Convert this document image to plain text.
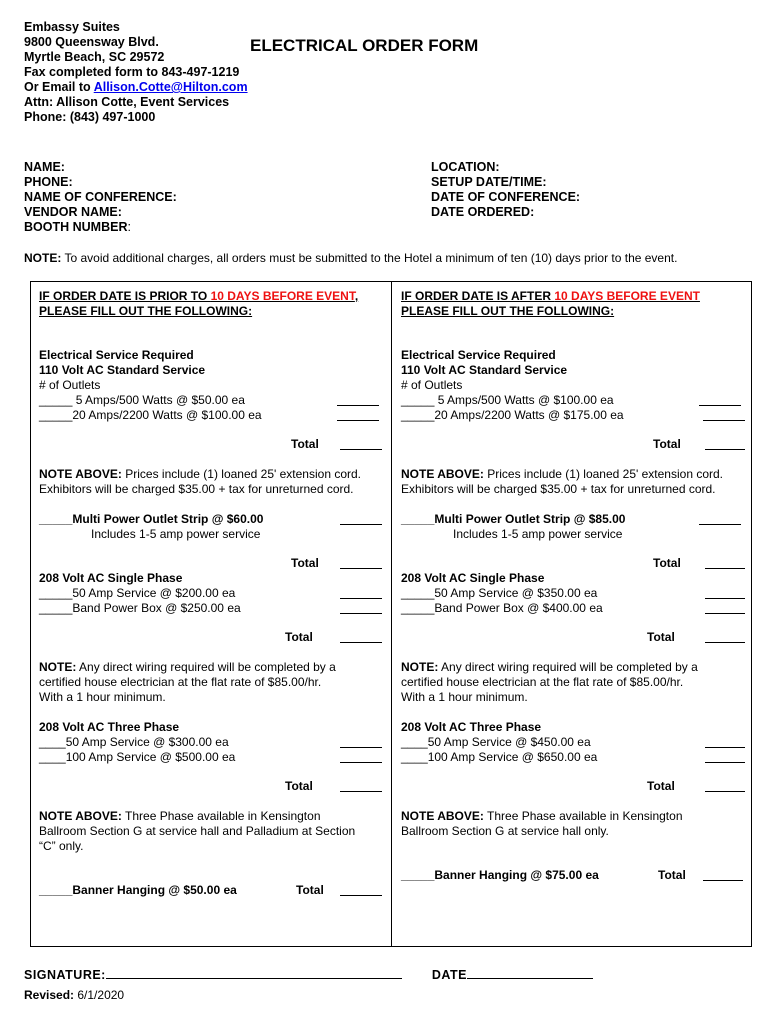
Embassy Suites
9800 Queensway Blvd.
Myrtle Beach, SC 29572
Fax completed form to 843-497-1219
Or Email to Allison.Cotte@Hilton.com
Attn: Allison Cotte, Event Services
Phone: (843) 497-1000
ELECTRICAL ORDER FORM
NAME:
PHONE:
NAME OF CONFERENCE:
VENDOR NAME:
BOOTH NUMBER:
LOCATION:
SETUP DATE/TIME:
DATE OF CONFERENCE:
DATE ORDERED:
NOTE: To avoid additional charges, all orders must be submitted to the Hotel a minimum of ten (10) days prior to the event.
IF ORDER DATE IS PRIOR TO 10 DAYS BEFORE EVENT,
PLEASE FILL OUT THE FOLLOWING:
Electrical Service Required
110 Volt AC Standard Service
# of Outlets
_____ 5 Amps/500 Watts @ $50.00 ea
_____20 Amps/2200 Watts @ $100.00 ea
Total
NOTE ABOVE: Prices include (1) loaned 25' extension cord.
Exhibitors will be charged $35.00 + tax for unreturned cord.
_____Multi Power Outlet Strip @ $60.00
Includes 1-5 amp power service
Total
208 Volt AC Single Phase
_____50 Amp Service @ $200.00 ea
_____Band Power Box @ $250.00 ea
Total
NOTE: Any direct wiring required will be completed by a
certified house electrician at the flat rate of $85.00/hr.
With a 1 hour minimum.
208 Volt AC Three Phase
____50 Amp Service @ $300.00 ea
____100 Amp Service @ $500.00 ea
Total
NOTE ABOVE: Three Phase available in Kensington
Ballroom Section G at service hall and Palladium at Section
“C” only.
_____Banner Hanging @ $50.00 ea	Total
IF ORDER DATE IS AFTER 10 DAYS BEFORE EVENT
PLEASE FILL OUT THE FOLLOWING:
Electrical Service Required
110 Volt AC Standard Service
# of Outlets
_____ 5 Amps/500 Watts @ $100.00 ea
_____20 Amps/2200 Watts @ $175.00 ea
Total
NOTE ABOVE: Prices include (1) loaned 25' extension cord.
Exhibitors will be charged $35.00 + tax for unreturned cord.
_____Multi Power Outlet Strip @ $85.00
Includes 1-5 amp power service
Total
208 Volt AC Single Phase
_____50 Amp Service @ $350.00 ea
_____Band Power Box @ $400.00 ea
Total
NOTE: Any direct wiring required will be completed by a
certified house electrician at the flat rate of $85.00/hr.
With a 1 hour minimum.
208 Volt AC Three Phase
____50 Amp Service @ $450.00 ea
____100 Amp Service @ $650.00 ea
Total
NOTE ABOVE: Three Phase available in Kensington
Ballroom Section G at service hall only.
_____Banner Hanging @ $75.00 ea	Total
SIGNATURE:	DATE
Revised: 6/1/2020
